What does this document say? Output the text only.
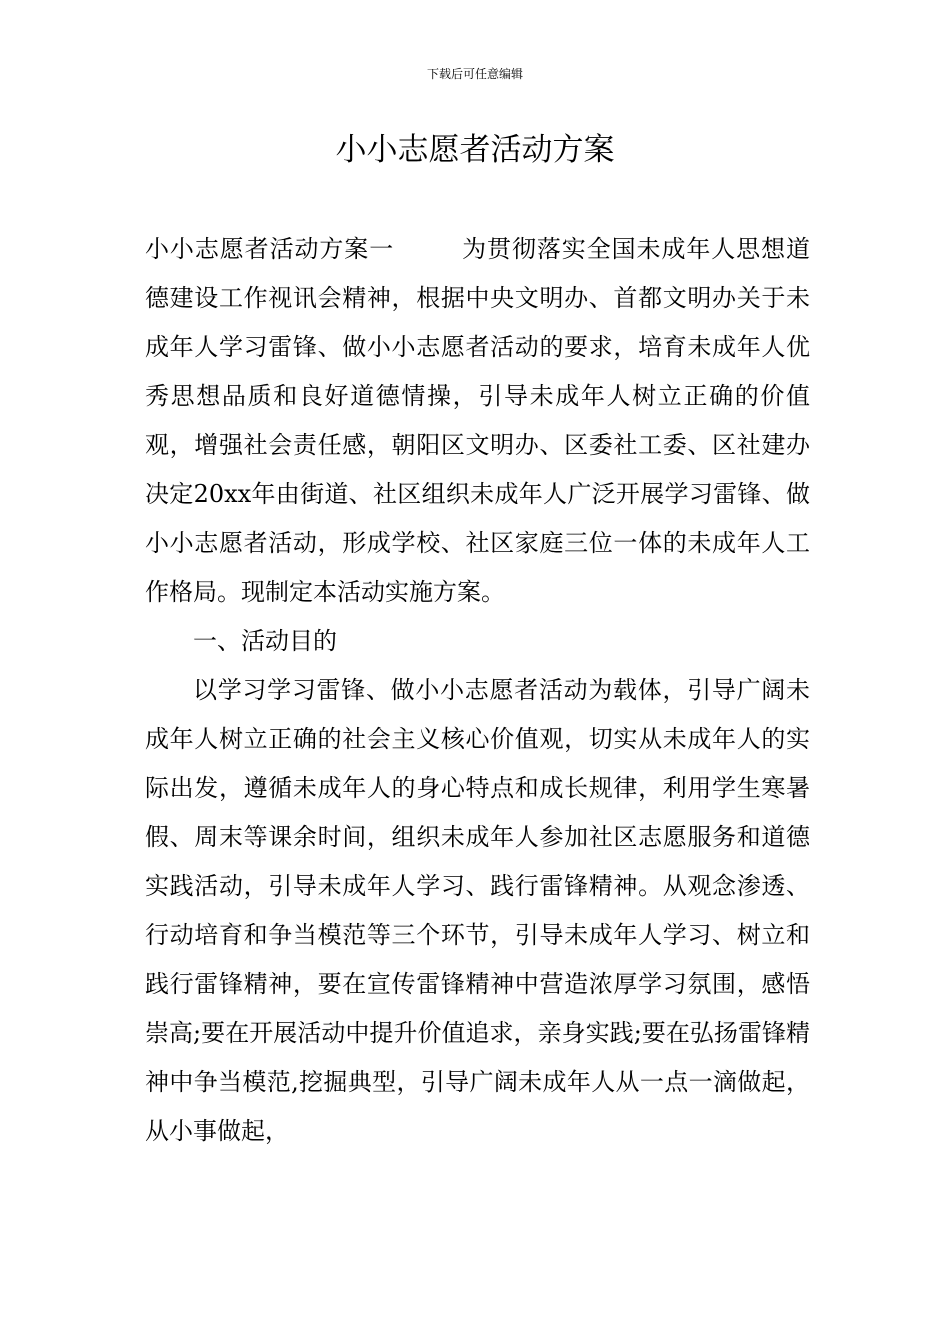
下载后可任意编辑
小小志愿者活动方案

小小志愿者活动方案一	为贯彻落实全国未成年人思想道德建设工作视讯会精神，根据中央文明办、首都文明办关于未成年人学习雷锋、做小小志愿者活动的要求，培育未成年人优秀思想品质和良好道德情操，引导未成年人树立正确的价值观，增强社会责任感，朝阳区文明办、区委社工委、区社建办决定20xx年由街道、社区组织未成年人广泛开展学习雷锋、做小小志愿者活动，形成学校、社区家庭三位一体的未成年人工作格局。现制定本活动实施方案。

一、活动目的

以学习学习雷锋、做小小志愿者活动为载体，引导广阔未成年人树立正确的社会主义核心价值观，切实从未成年人的实际出发，遵循未成年人的身心特点和成长规律，利用学生寒暑假、周末等课余时间，组织未成年人参加社区志愿服务和道德实践活动，引导未成年人学习、践行雷锋精神。从观念渗透、行动培育和争当模范等三个环节，引导未成年人学习、树立和践行雷锋精神，要在宣传雷锋精神中营造浓厚学习氛围，感悟崇高;要在开展活动中提升价值追求，亲身实践;要在弘扬雷锋精神中争当模范,挖掘典型，引导广阔未成年人从一点一滴做起，从小事做起，
